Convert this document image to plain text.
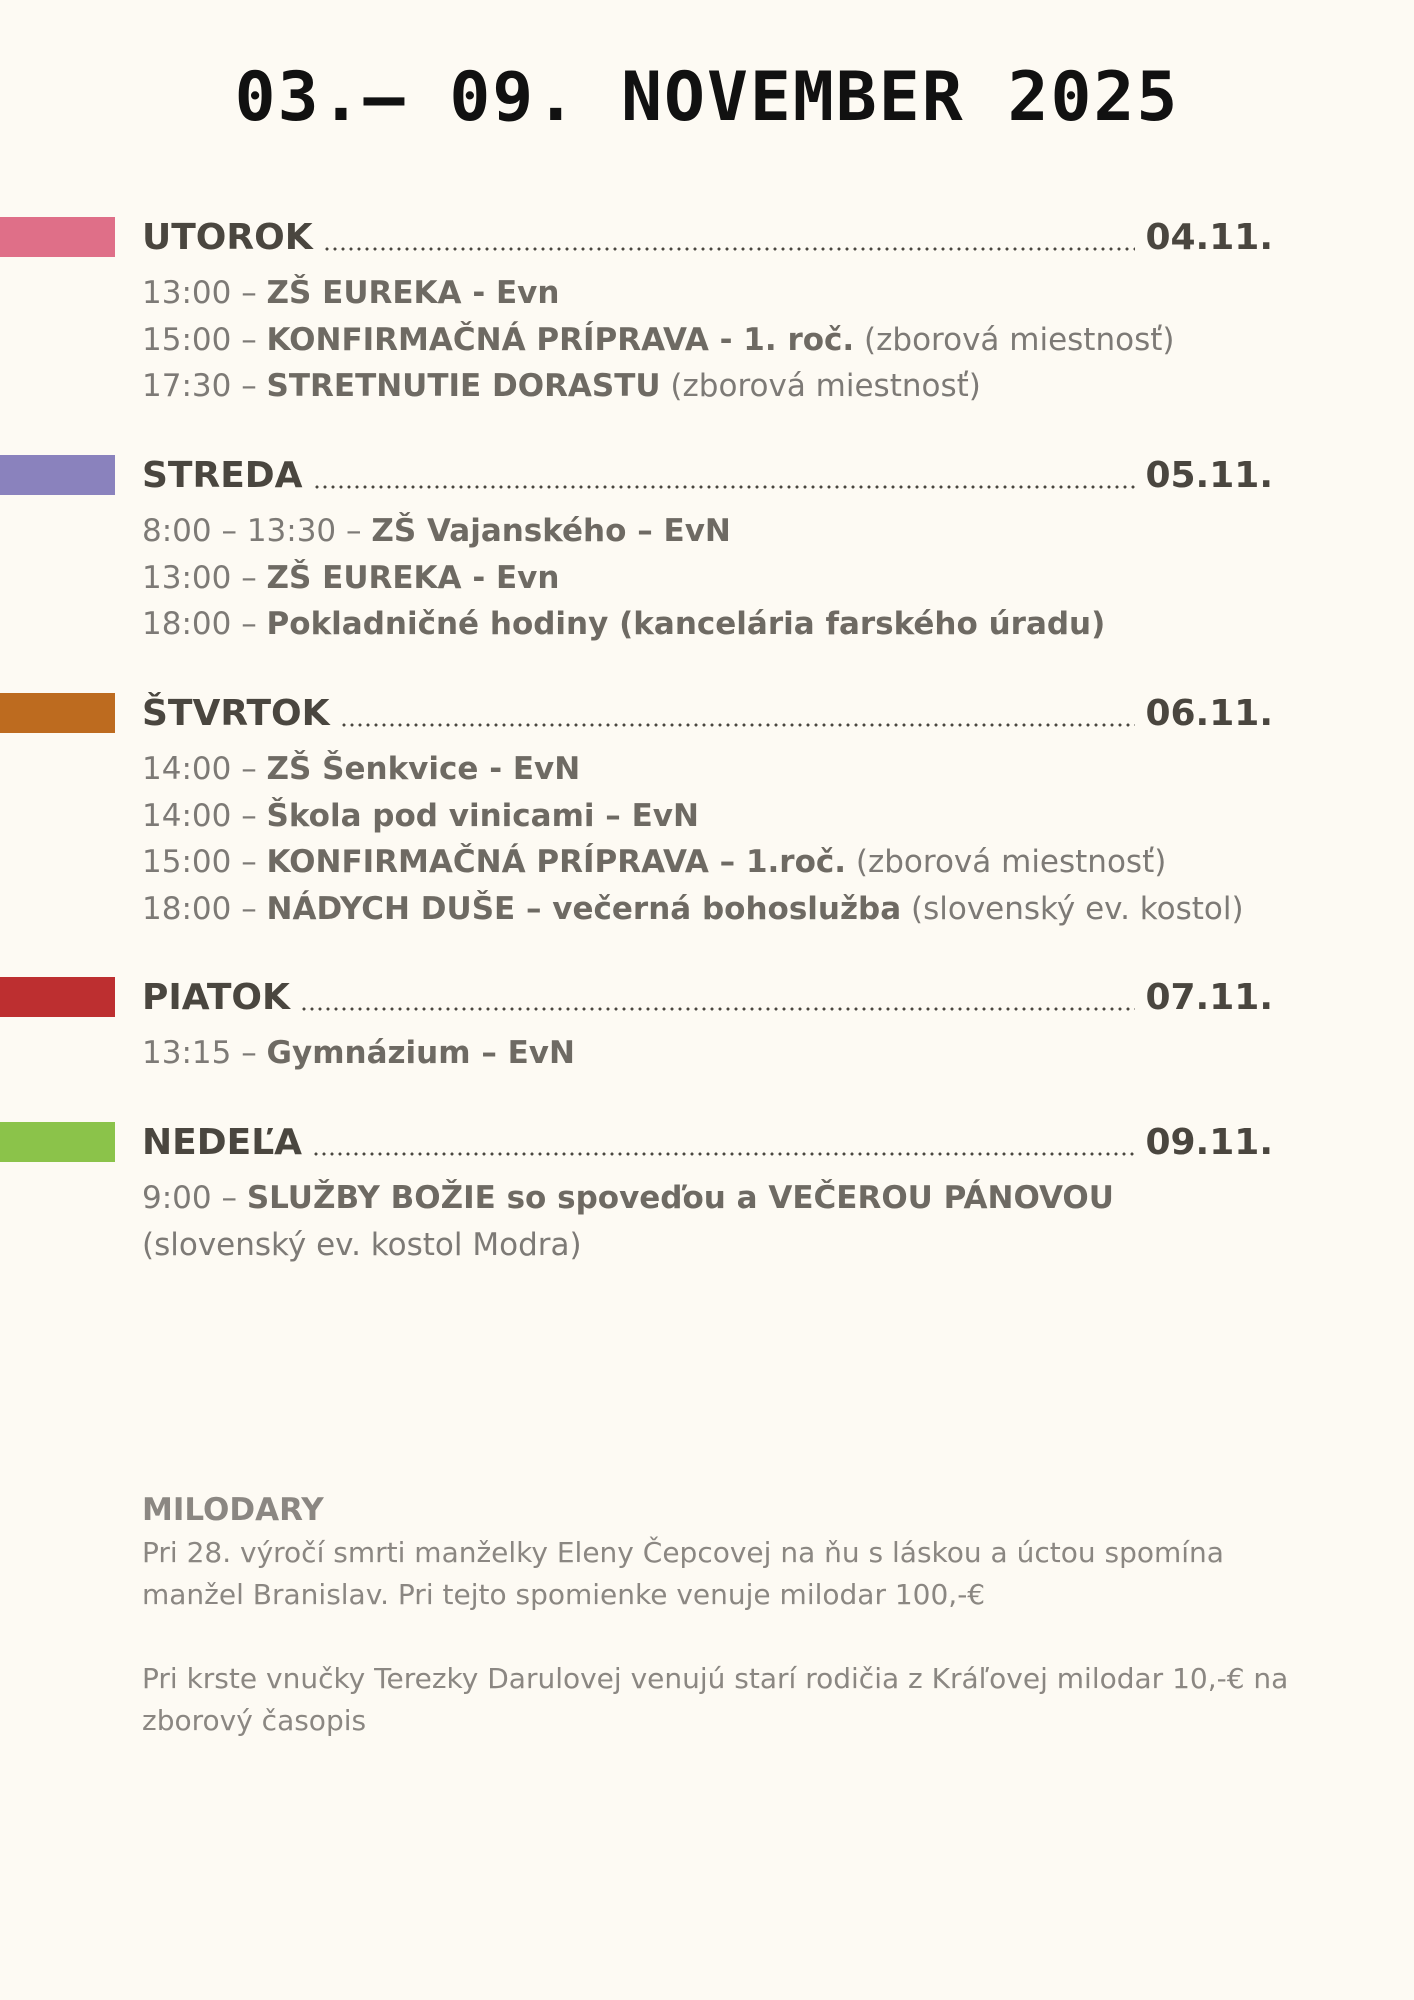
03.– 09. NOVEMBER 2025
UTOROK	04.11.
13:00 – ZŠ EUREKA - Evn
15:00 – KONFIRMAČNÁ PRÍPRAVA - 1. roč. (zborová miestnosť)
17:30 – STRETNUTIE DORASTU (zborová miestnosť)
STREDA	05.11.
8:00 – 13:30 – ZŠ Vajanského – EvN
13:00 – ZŠ EUREKA - Evn
18:00 – Pokladničné hodiny (kancelária farského úradu)
ŠTVRTOK	06.11.
14:00 – ZŠ Šenkvice - EvN
14:00 – Škola pod vinicami – EvN
15:00 – KONFIRMAČNÁ PRÍPRAVA – 1.roč. (zborová miestnosť)
18:00 – NÁDYCH DUŠE – večerná bohoslužba (slovenský ev. kostol)
PIATOK	07.11.
13:15 – Gymnázium – EvN
NEDEĽA	09.11.
9:00 – SLUŽBY BOŽIE so spoveďou a VEČEROU PÁNOVOU (slovenský ev. kostol Modra)
MILODARY

Pri 28. výročí smrti manželky Eleny Čepcovej na ňu s láskou a úctou spomína manžel Branislav. Pri tejto spomienke venuje milodar 100,-€

Pri krste vnučky Terezky Darulovej venujú starí rodičia z Kráľovej milodar 10,-€ na zborový časopis
